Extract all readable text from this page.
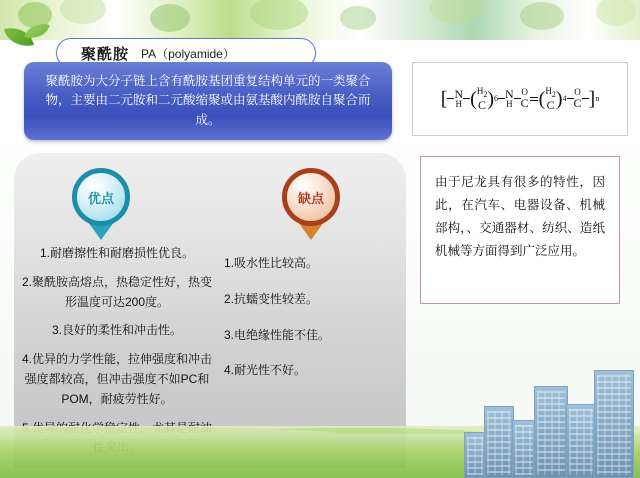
聚酰胺 PA（polyamide）
聚酰胺为大分子链上含有酰胺基团重复结构单元的一类聚合物，主要由二元胺和二元酸缩聚或由氨基酸内酰胺自聚合而成。
[ N
H ( H2
C ) 6 N
H
O
C ( H2
C ) 4
O
C ] n
优点	缺点

1.耐磨擦性和耐磨损性优良。

2.聚酰胺高熔点，热稳定性好，热变形温度可达200度。

3.良好的柔性和冲击性。

4.优异的力学性能，拉伸强度和冲击强度都较高，但冲击强度不如PC和POM，耐疲劳性好。

1.吸水性比较高。

2.抗蠕变性较差。

3.电绝缘性能不佳。

4.耐光性不好。

由于尼龙具有很多的特性，因此，在汽车、电器设备、机械部构，、交通器材、纺织、造纸机械等方面得到广泛应用。
